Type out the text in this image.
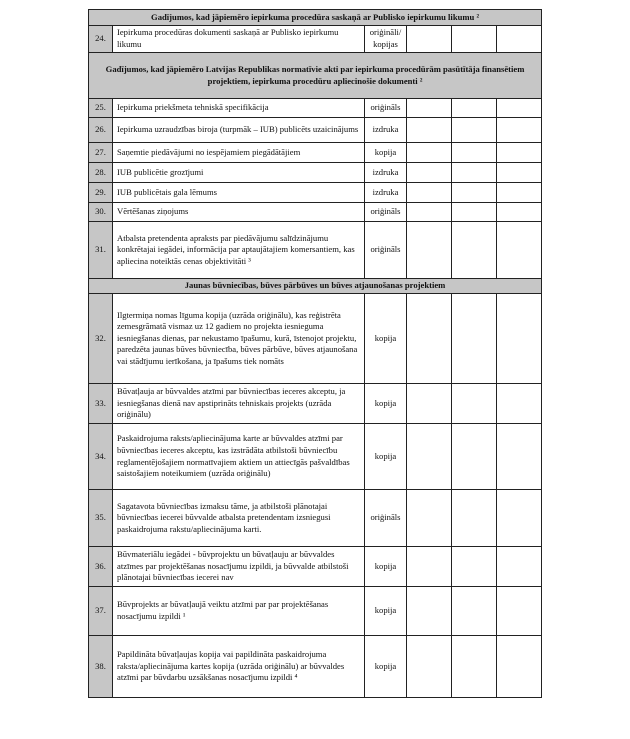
Gadījumos, kad jāpiemēro iepirkuma procedūra saskaņā ar Publisko iepirkumu likumu ²					
24.	Iepirkuma procedūras dokumenti saskaņā ar Publisko iepirkumu likumu	oriģināli/ kopijas			
Gadījumos, kad jāpiemēro Latvijas Republikas normatīvie akti par iepirkuma procedūrām pasūtītāja finansētiem projektiem, iepirkuma procedūru apliecinošie dokumenti ²					
25.	Iepirkuma priekšmeta tehniskā specifikācija	oriģināls			
26.	Iepirkuma uzraudzības biroja (turpmāk – IUB) publicēts uzaicinājums	izdruka			
27.	Saņemtie piedāvājumi no iespējamiem piegādātājiem	kopija			
28.	IUB publicētie grozījumi	izdruka			
29.	IUB publicētais gala lēmums	izdruka			
30.	Vērtēšanas ziņojums	oriģināls			
31.	Atbalsta pretendenta apraksts par piedāvājumu salīdzinājumu konkrētajai iegādei, informācija par aptaujātajiem komersantiem, kas apliecina noteiktās cenas objektivitāti ³	oriģināls			
Jaunas būvniecības, būves pārbūves un būves atjaunošanas projektiem					
32.	Ilgtermiņa nomas līguma kopija (uzrāda oriģinālu), kas reģistrēta zemesgrāmatā vismaz uz 12 gadiem no projekta iesnieguma iesniegšanas dienas, par nekustamo īpašumu, kurā, īstenojot projektu, paredzēta jaunas būves būvniecība, būves pārbūve, būves atjaunošana vai stādījumu ierīkošana, ja īpašums tiek nomāts	kopija			
33.	Būvatļauja ar būvvaldes atzīmi par būvniecības ieceres akceptu, ja iesniegšanas dienā nav apstiprināts tehniskais projekts (uzrāda oriģinālu)	kopija			
34.	Paskaidrojuma raksts/apliecinājuma karte ar būvvaldes atzīmi par būvniecības ieceres akceptu, kas izstrādāta atbilstoši būvniecību reglamentējošajiem normatīvajiem aktiem un attiecīgās pašvaldības saistošajiem noteikumiem (uzrāda oriģinālu)	kopija			
35.	Sagatavota būvniecības izmaksu tāme, ja atbilstoši plānotajai būvniecības iecerei būvvalde atbalsta pretendentam izsniegusi paskaidrojuma rakstu/apliecinājuma karti.	oriģināls			
36.	Būvmateriālu iegādei - būvprojektu un būvatļauju ar būvvaldes atzīmes par projektēšanas nosacījumu izpildi, ja būvvalde atbilstoši plānotajai būvniecības iecerei nav	kopija			
37.	Būvprojekts ar būvatļaujā veiktu atzīmi par par projektēšanas nosacījumu izpildi ¹	kopija			
38.	Papildināta būvatļaujas kopija vai papildināta paskaidrojuma raksta/apliecinājuma kartes kopija (uzrāda oriģinālu) ar būvvaldes atzīmi par būvdarbu uzsākšanas nosacījumu izpildi ⁴	kopija			
